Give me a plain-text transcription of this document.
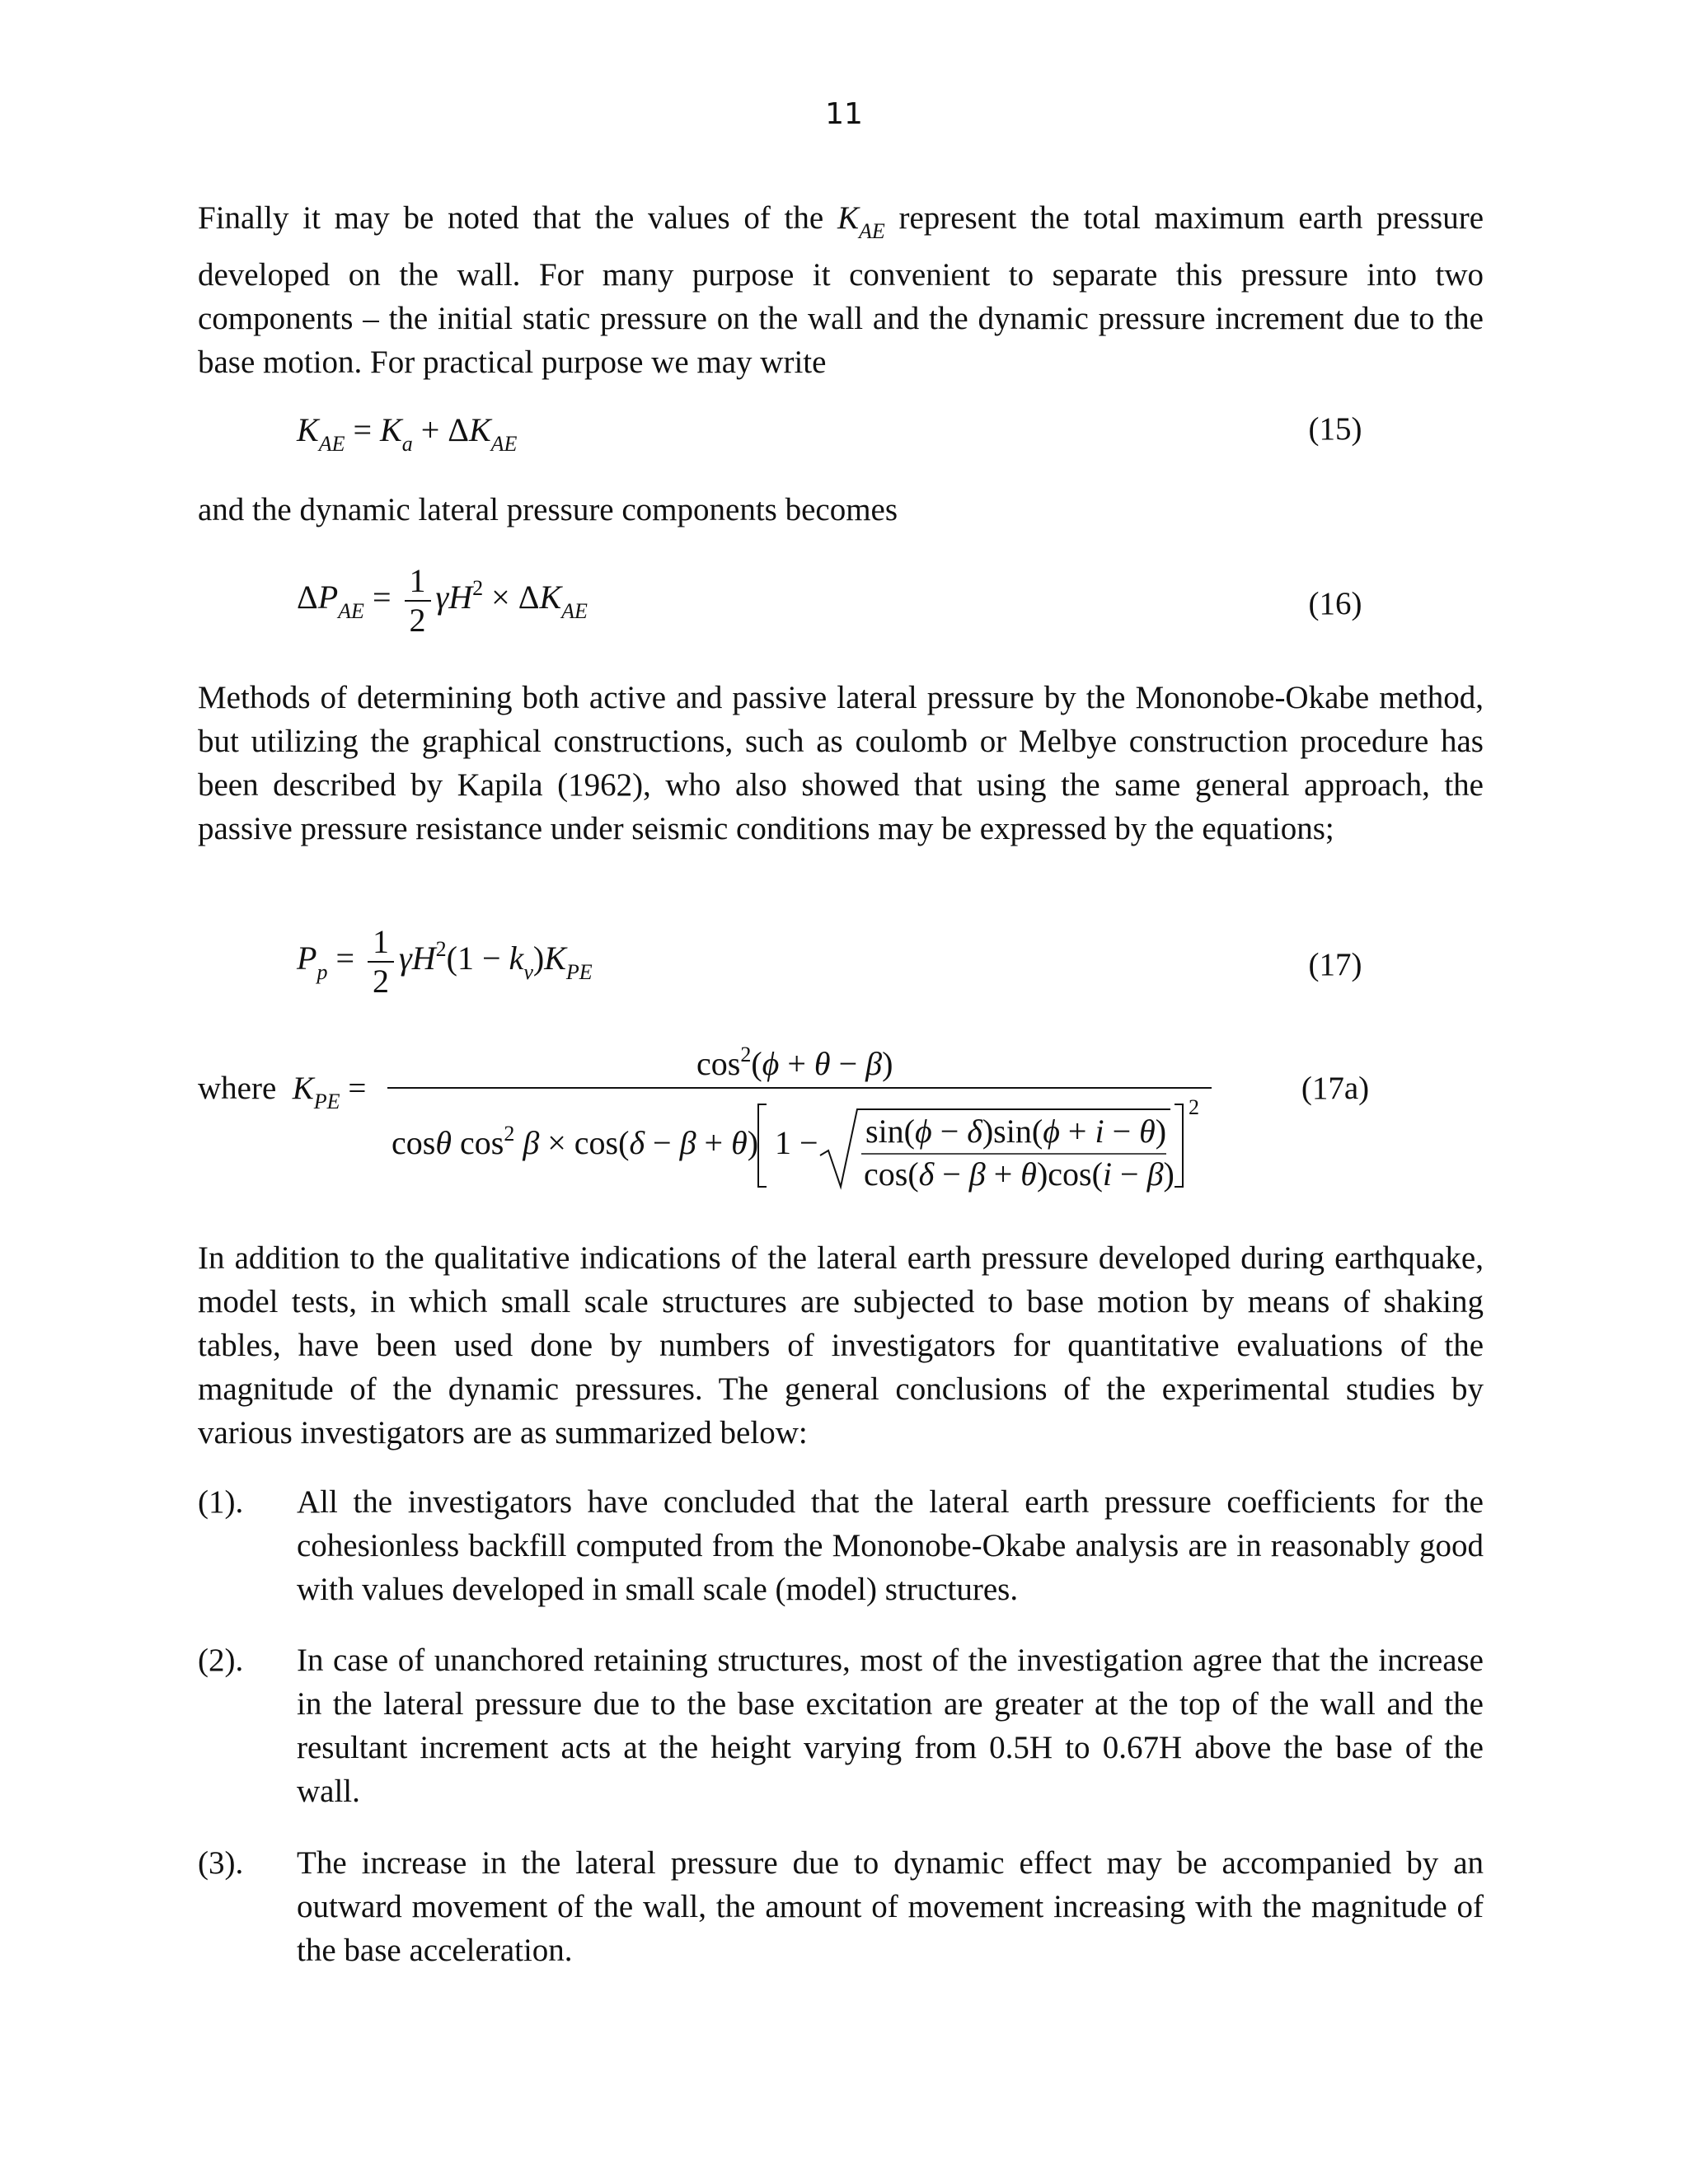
11

Finally it may be noted that the values of the $K_{AE}$ represent the total maximum earth pressure developed on the wall. For many purpose it convenient to separate this pressure into two components – the initial static pressure on the wall and the dynamic pressure increment due to the base motion. For practical purpose we may write

$K_{AE} = K_a + \Delta K_{AE}$	(15)

and the dynamic lateral pressure components becomes

$\Delta P_{AE} = \frac{1}{2} \gamma H^2 \times \Delta K_{AE}$	(16)

Methods of determining both active and passive lateral pressure by the Mononobe-Okabe method, but utilizing the graphical constructions, such as coulomb or Melbye construction procedure has been described by Kapila (1962), who also showed that using the same general approach, the passive pressure resistance under seismic conditions may be expressed by the equations;

$P_p = \frac{1}{2} \gamma H^2(1 - k_v)K_{PE}$	(17)
where $K_{PE}$ =
$\cos^2(\phi + \theta - \beta)$
cosθ $\cos^2 \beta \times \cos(\delta - \beta + \theta)$
2
1 − sin(ϕ − δ)sin(ϕ + i − θ)
cos(δ − β + θ)cos(i − β)
(17a)

In addition to the qualitative indications of the lateral earth pressure developed during earthquake, model tests, in which small scale structures are subjected to base motion by means of shaking tables, have been used done by numbers of investigators for quantitative evaluations of the magnitude of the dynamic pressures. The general conclusions of the experimental studies by various investigators are as summarized below:

(1).	All the investigators have concluded that the lateral earth pressure coefficients for the cohesionless backfill computed from the Mononobe-Okabe analysis are in reasonably good with values developed in small scale (model) structures.
(2).	In case of unanchored retaining structures, most of the investigation agree that the increase in the lateral pressure due to the base excitation are greater at the top of the wall and the resultant increment acts at the height varying from 0.5H to 0.67H above the base of the wall.
(3).	The increase in the lateral pressure due to dynamic effect may be accompanied by an outward movement of the wall, the amount of movement increasing with the magnitude of the base acceleration.
